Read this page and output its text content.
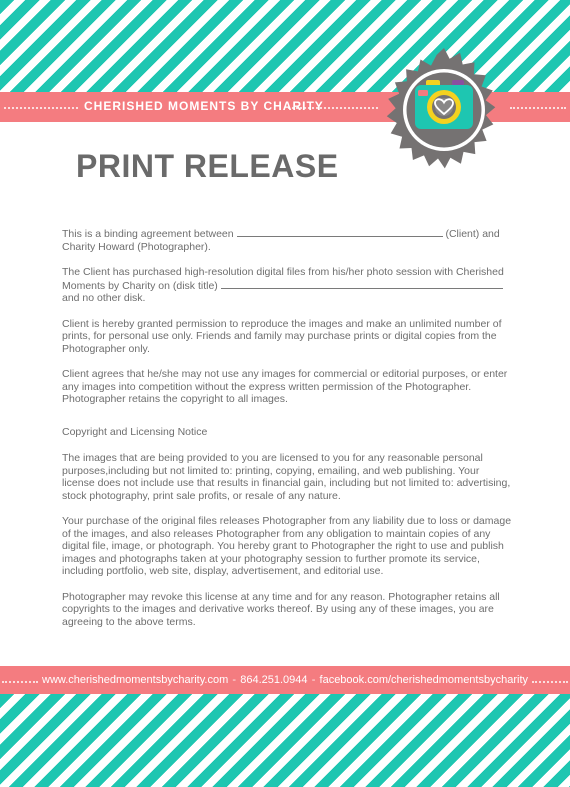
CHERISHED MOMENTS BY CHARITY
PRINT RELEASE

This is a binding agreement between	(Client) and Charity Howard (Photographer).

The Client has purchased high-resolution digital files from his/her photo session with Cherished Moments by Charity on (disk title)
and no other disk.

Client is hereby granted permission to reproduce the images and make an unlimited number of prints, for personal use only. Friends and family may purchase prints or digital copies from the Photographer only.

Client agrees that he/she may not use any images for commercial or editorial purposes, or enter any images into competition without the express written permission of the Photographer. Photographer retains the copyright to all images.

Copyright and Licensing Notice

The images that are being provided to you are licensed to you for any reasonable personal purposes,including but not limited to: printing, copying, emailing, and web publishing. Your license does not include use that results in financial gain, including but not limited to: advertising, stock photography, print sale profits, or resale of any nature.

Your purchase of the original files releases Photographer from any liability due to loss or damage of the images, and also releases Photographer from any obligation to maintain copies of any digital file, image, or photograph. You hereby grant to Photographer the right to use and publish images and photographs taken at your photography session to further promote its service, including portfolio, web site, display, advertisement, and editorial use.

Photographer may revoke this license at any time and for any reason. Photographer retains all copyrights to the images and derivative works thereof. By using any of these images, you are agreeing to the above terms.

www.cherishedmomentsbycharity.com - 864.251.0944 - facebook.com/cherishedmomentsbycharity
